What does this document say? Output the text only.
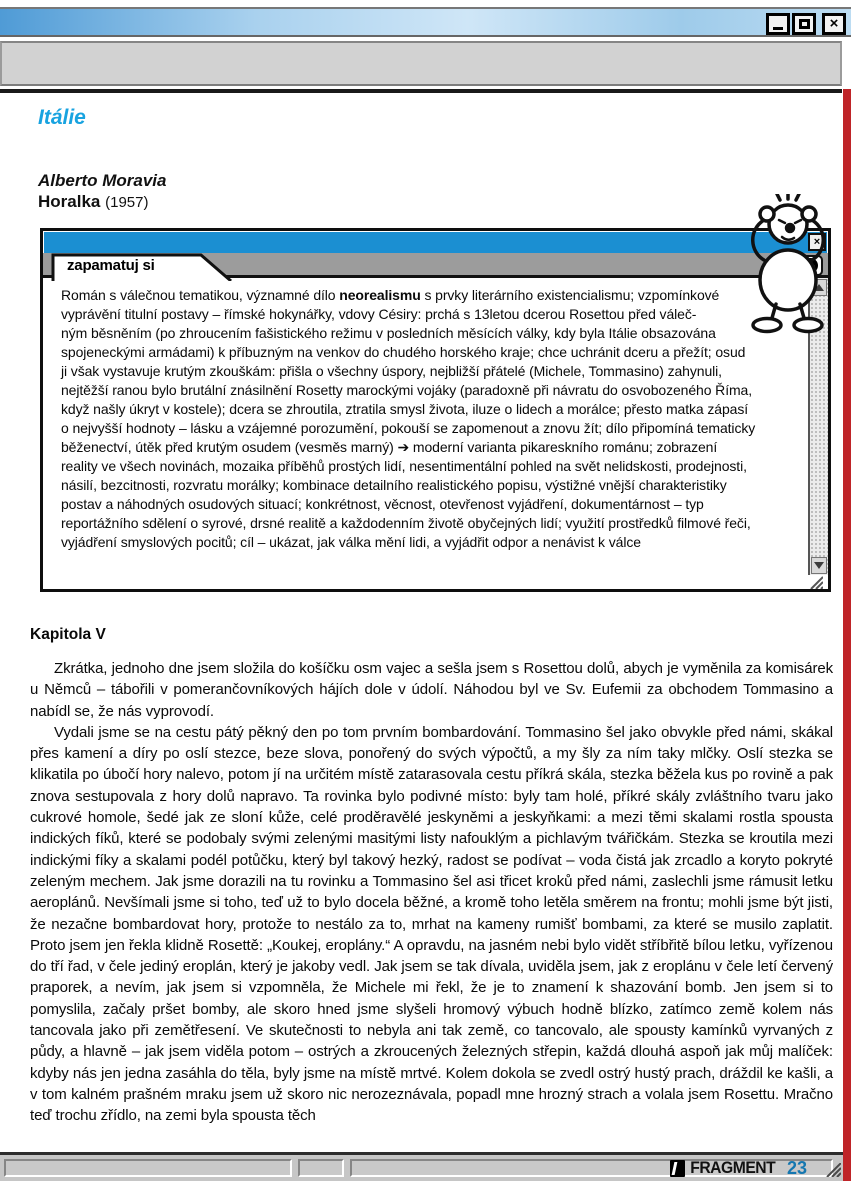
×
Itálie
Alberto Moravia
Horalka (1957)
×
zapamatuj si
Román s válečnou tematikou, významné dílo neorealismu s prvky literárního existencialismu; vzpomínkové
vyprávění titulní postavy – římské hokynářky, vdovy Césiry: prchá s 13letou dcerou Rosettou před váleč-
ným běsněním (po zhroucením fašistického režimu v posledních měsících války, kdy byla Itálie obsazována
spojeneckými armádami) k příbuzným na venkov do chudého horského kraje; chce uchránit dceru a přežít; osud
ji však vystavuje krutým zkouškám: přišla o všechny úspory, nejbližší přátelé (Michele, Tommasino) zahynuli,
nejtěžší ranou bylo brutální znásilnění Rosetty marockými vojáky (paradoxně při návratu do osvobozeného Říma,
když našly úkryt v kostele); dcera se zhroutila, ztratila smysl života, iluze o lidech a morálce; přesto matka zápasí
o nejvyšší hodnoty – lásku a vzájemné porozumění, pokouší se zapomenout a znovu žít; dílo připomíná tematicky
běženectví, útěk před krutým osudem (vesměs marný) ➔ moderní varianta pikareskního románu; zobrazení
reality ve všech novinách, mozaika příběhů prostých lidí, nesentimentální pohled na svět nelidskosti, prodejnosti,
násilí, bezcitnosti, rozvratu morálky; kombinace detailního realistického popisu, výstižné vnější charakteristiky
postav a náhodných osudových situací; konkrétnost, věcnost, otevřenost vyjádření, dokumentárnost – typ
reportážního sdělení o syrové, drsné realitě a každodenním životě obyčejných lidí; využití prostředků filmové řeči,
vyjádření smyslových pocitů; cíl – ukázat, jak válka mění lidi, a vyjádřit odpor a nenávist k válce
Kapitola V

Zkrátka, jednoho dne jsem složila do košíčku osm vajec a sešla jsem s Rosettou dolů, abych je vyměnila za komisárek u Němců – tábořili v pomerančovníkových hájích dole v údolí. Náhodou byl ve Sv. Eufemii za obchodem Tommasino a nabídl se, že nás vyprovodí.

Vydali jsme se na cestu pátý pěkný den po tom prvním bombardování. Tommasino šel jako obvykle před námi, skákal přes kamení a díry po oslí stezce, beze slova, ponořený do svých výpočtů, a my šly za ním taky mlčky. Oslí stezka se klikatila po úbočí hory nalevo, potom jí na určitém místě zatarasovala cestu příkrá skála, stezka běžela kus po rovině a pak znova sestupovala z hory dolů napravo. Ta rovinka bylo podivné místo: byly tam holé, příkré skály zvláštního tvaru jako cukrové homole, šedé jak ze sloní kůže, celé proděravělé jeskyněmi a jeskyňkami: a mezi těmi skalami rostla spousta indických fíků, které se podobaly svými zelenými masitými listy nafouklým a pichlavým tvářičkám. Stezka se kroutila mezi indickými fíky a skalami podél potůčku, který byl takový hezký, radost se podívat – voda čistá jak zrcadlo a koryto pokryté zeleným mechem. Jak jsme dorazili na tu rovinku a Tommasino šel asi třicet kroků před námi, zaslechli jsme rámusit letku aeroplánů. Nevšímali jsme si toho, teď už to bylo docela běžné, a kromě toho letěla směrem na frontu; mohli jsme být jisti, že nezačne bombardovat hory, protože to nestálo za to, mrhat na kameny rumišť bombami, za které se musilo zaplatit. Proto jsem jen řekla klidně Rosettě: „Koukej, eroplány.“ A opravdu, na jasném nebi bylo vidět stříbřitě bílou letku, vyřízenou do tří řad, v čele jediný eroplán, který je jakoby vedl. Jak jsem se tak dívala, uviděla jsem, jak z eroplánu v čele letí červený praporek, a nevím, jak jsem si vzpomněla, že Michele mi řekl, že je to znamení k shazování bomb. Jen jsem si to pomyslila, začaly pršet bomby, ale skoro hned jsme slyšeli hromový výbuch hodně blízko, zatímco země kolem nás tancovala jako při zemětřesení. Ve skutečnosti to nebyla ani tak země, co tancovalo, ale spousty kamínků vyrvaných z půdy, a hlavně – jak jsem viděla potom – ostrých a zkroucených železných střepin, každá dlouhá aspoň jak můj malíček: kdyby nás jen jedna zasáhla do těla, byly jsme na místě mrtvé. Kolem dokola se zvedl ostrý hustý prach, dráždil ke kašli, a v tom kalném prašném mraku jsem už skoro nic nerozeznávala, popadl mne hrozný strach a volala jsem Rosettu. Mračno teď trochu zřídlo, na zemi byla spousta těch

FRAGMENT 23
